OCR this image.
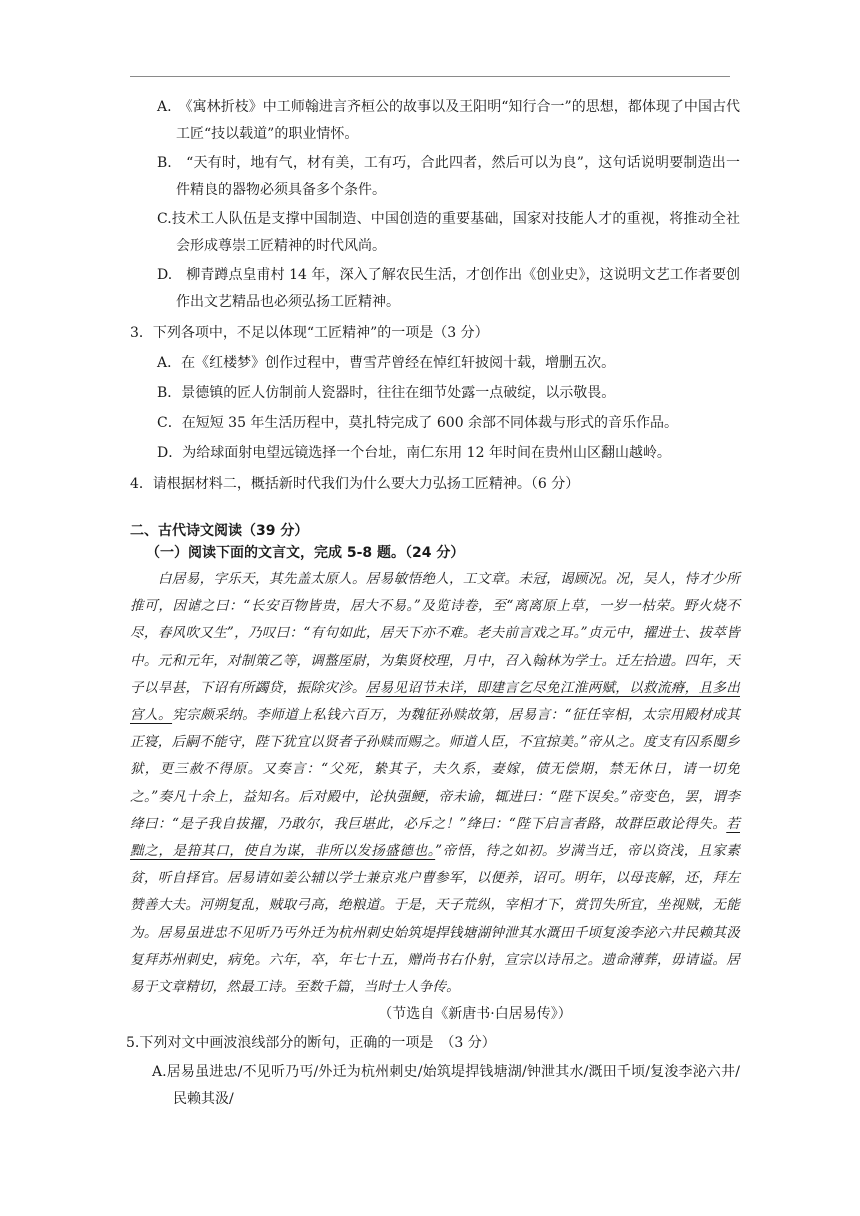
A.　 《寓林折枝》中工师翰进言齐桓公的故事以及王阳明“知行合一”的思想，都体现了中国古代工匠“技以载道”的职业情怀。

B.　 “天有时，地有气，材有美，工有巧，合此四者，然后可以为良”，这句话说明要制造出一件精良的器物必须具备多个条件。

C.技术工人队伍是支撑中国制造、中国创造的重要基础，国家对技能人才的重视，将推动全社会形成尊崇工匠精神的时代风尚。

D.　 柳青蹲点皇甫村 14 年，深入了解农民生活，才创作出《创业史》，这说明文艺工作者要创作出文艺精品也必须弘扬工匠精神。

3．下列各项中，不足以体现“工匠精神”的一项是（3 分）

A．在《红楼梦》创作过程中，曹雪芹曾经在悼红轩披阅十载，增删五次。

B．景德镇的匠人仿制前人瓷器时，往往在细节处露一点破绽，以示敬畏。

C．在短短 35 年生活历程中，莫扎特完成了 600 余部不同体裁与形式的音乐作品。

D．为给球面射电望远镜选择一个台址，南仁东用 12 年时间在贵州山区翻山越岭。

4．请根据材料二，概括新时代我们为什么要大力弘扬工匠精神。（6 分）

二、古代诗文阅读（39 分）

（一）阅读下面的文言文，完成 5-8 题。（24 分）

白居易，字乐天，其先盖太原人。居易敏悟绝人，工文章。未冠，谒顾况。况，吴人，恃才少所推可，因谑之曰：“长安百物皆贵，居大不易。”及览诗卷，至“离离原上草，一岁一枯荣。野火烧不尽，春风吹又生”，乃叹曰：“有句如此，居天下亦不难。老夫前言戏之耳。”贞元中，擢进士、拔萃皆中。元和元年，对制策乙等，调盩厔尉，为集贤校理，月中，召入翰林为学士。迁左拾遗。四年，天子以旱甚，下诏有所蠲贷，振除灾沴。居易见诏节未详，即建言乞尽免江淮两赋，以救流瘠，且多出宫人。宪宗颇采纳。李师道上私钱六百万，为魏征孙赎故第，居易言：“征任宰相，太宗用殿材成其正寝，后嗣不能守，陛下犹宜以贤者子孙赎而赐之。师道人臣，不宜掠美。”帝从之。度支有囚系閺乡狱，更三赦不得原。又奏言：“父死，絷其子，夫久系，妻嫁，债无偿期，禁无休日，请一切免之。”奏凡十余上，益知名。后对殿中，论执强鲠，帝未谕，辄进曰：“陛下误矣。”帝变色，罢，谓李绛曰：“是子我自拔擢，乃敢尔，我巨堪此，必斥之！”绛曰：“陛下启言者路，故群臣敢论得失。若黜之，是箝其口，使自为谋，非所以发扬盛德也。”帝悟，待之如初。岁满当迁，帝以资浅，且家素贫，听自择官。居易请如姜公辅以学士兼京兆户曹参军，以便养，诏可。明年，以母丧解，还，拜左赞善大夫。河朔复乱，贼取弓高，绝粮道。于是，天子荒纵，宰相才下，赏罚失所宜，坐视贼，无能为。居易虽进忠不见听乃丐外迁为杭州刺史始筑堤捍钱塘湖钟泄其水溉田千顷复浚李泌六井民赖其汲复拜苏州刺史，病免。六年，卒，年七十五，赠尚书右仆射，宣宗以诗吊之。遗命薄葬，毋请谥。居易于文章精切，然最工诗。至数千篇，当时士人争传。

（节选自《新唐书·白居易传》）

5.下列对文中画波浪线部分的断句，正确的一项是　（3 分）

A.居易虽进忠/不见听乃丐/外迁为杭州刺史/始筑堤捍钱塘湖/钟泄其水/溉田千顷/复浚李泌六井/民赖其汲/
